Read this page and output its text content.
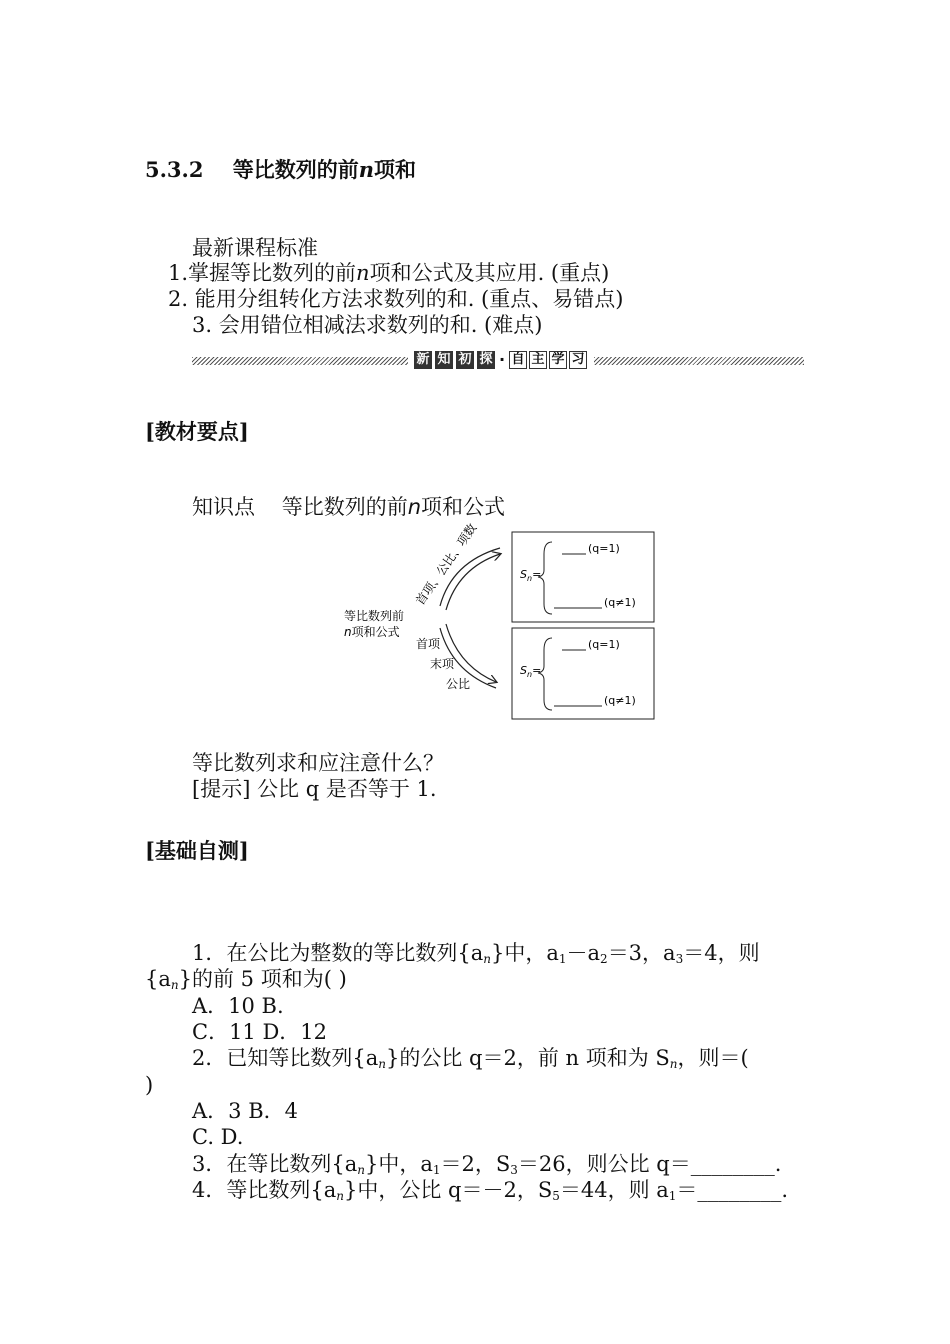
5.3.2 等比数列的前n项和
最新课程标准
1.掌握等比数列的前n项和公式及其应用. (重点)
2. 能用分组转化方法求数列的和. (重点、易错点)
3. 会用错位相减法求数列的和. (难点)
新 知 初 探 · 自 主 学 习
[教材要点]
知识点 等比数列的前n项和公式
等比数列前
n项和公式
首项、公比、项数
首项
末项
公比
$S_n=$
(q=1)
(q≠1)
$S_n=$
(q=1)
(q≠1)
等比数列求和应注意什么？
[提示] 公比 q 是否等于 1.
[基础自测]
1．在公比为整数的等比数列$\{a_n\}$中，$a_1-a_2=3$，$a_3=4$，则
$\{a_n\}$的前 5 项和为( )
A．10 B.
C．11 D．12
2．已知等比数列$\{a_n\}$的公比 q＝2，前 n 项和为 $S_n$，则＝(
)
A．3 B．4
C. D.
3．在等比数列$\{a_n\}$中，$a_1=2$，$S_3=26$，则公比 q＝________.
4．等比数列$\{a_n\}$中，公比 q＝－2，$S_5=44$，则 $a_1=\_\_\_\_\_\_\_\_$.
